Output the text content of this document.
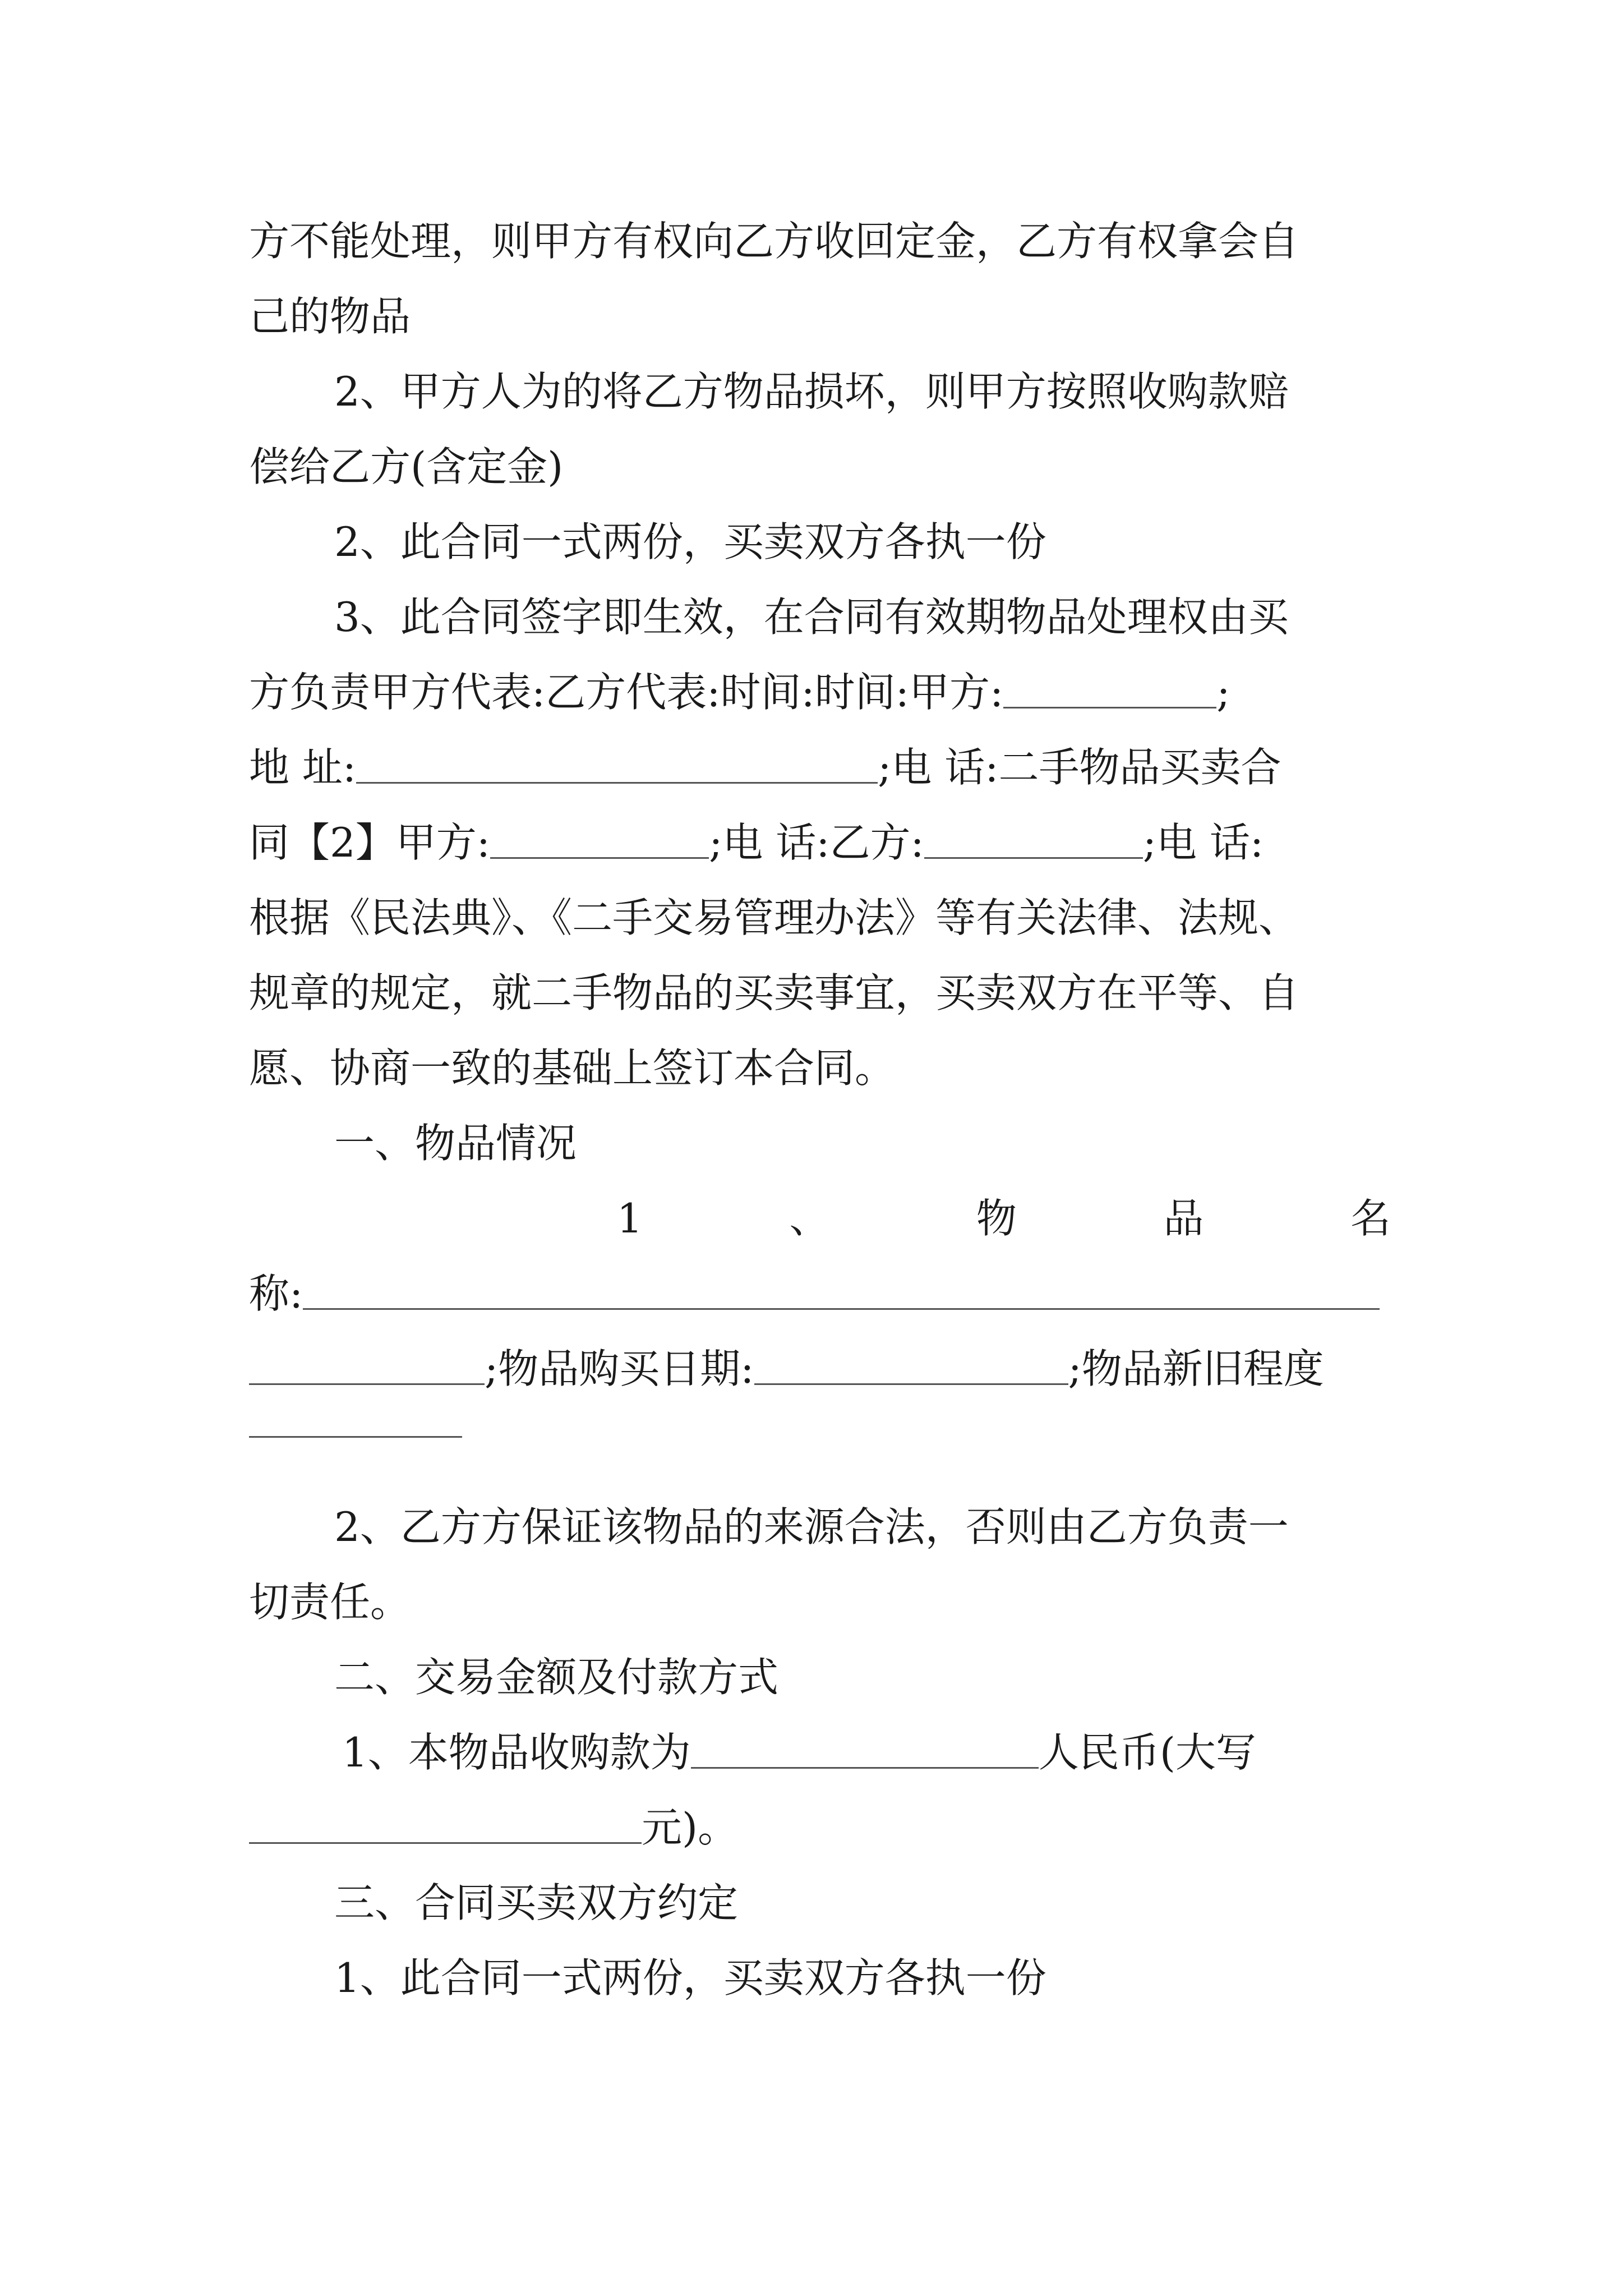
方不能处理，则甲方有权向乙方收回定金，乙方有权拿会自
己的物品
2、甲方人为的将乙方物品损坏，则甲方按照收购款赔
偿给乙方(含定金)
2、此合同一式两份，买卖双方各执一份
3、此合同签字即生效，在合同有效期物品处理权由买
方负责甲方代表:乙方代表:时间:时间:甲方:	;
地 址:	;电 话:二手物品买卖合
同【2】甲方:	;电 话:乙方:	;电 话:
根据《民法典》、《二手交易管理办法》等有关法律、法规、
规章的规定，就二手物品的买卖事宜，买卖双方在平等、自
愿、协商一致的基础上签订本合同。
一、物品情况
1	、	物	品	名
称:
;物品购买日期:	;物品新旧程度
2、乙方方保证该物品的来源合法，否则由乙方负责一
切责任。
二、交易金额及付款方式
1、本物品收购款为	人民币(大写
元)。
三、合同买卖双方约定
1、此合同一式两份，买卖双方各执一份
